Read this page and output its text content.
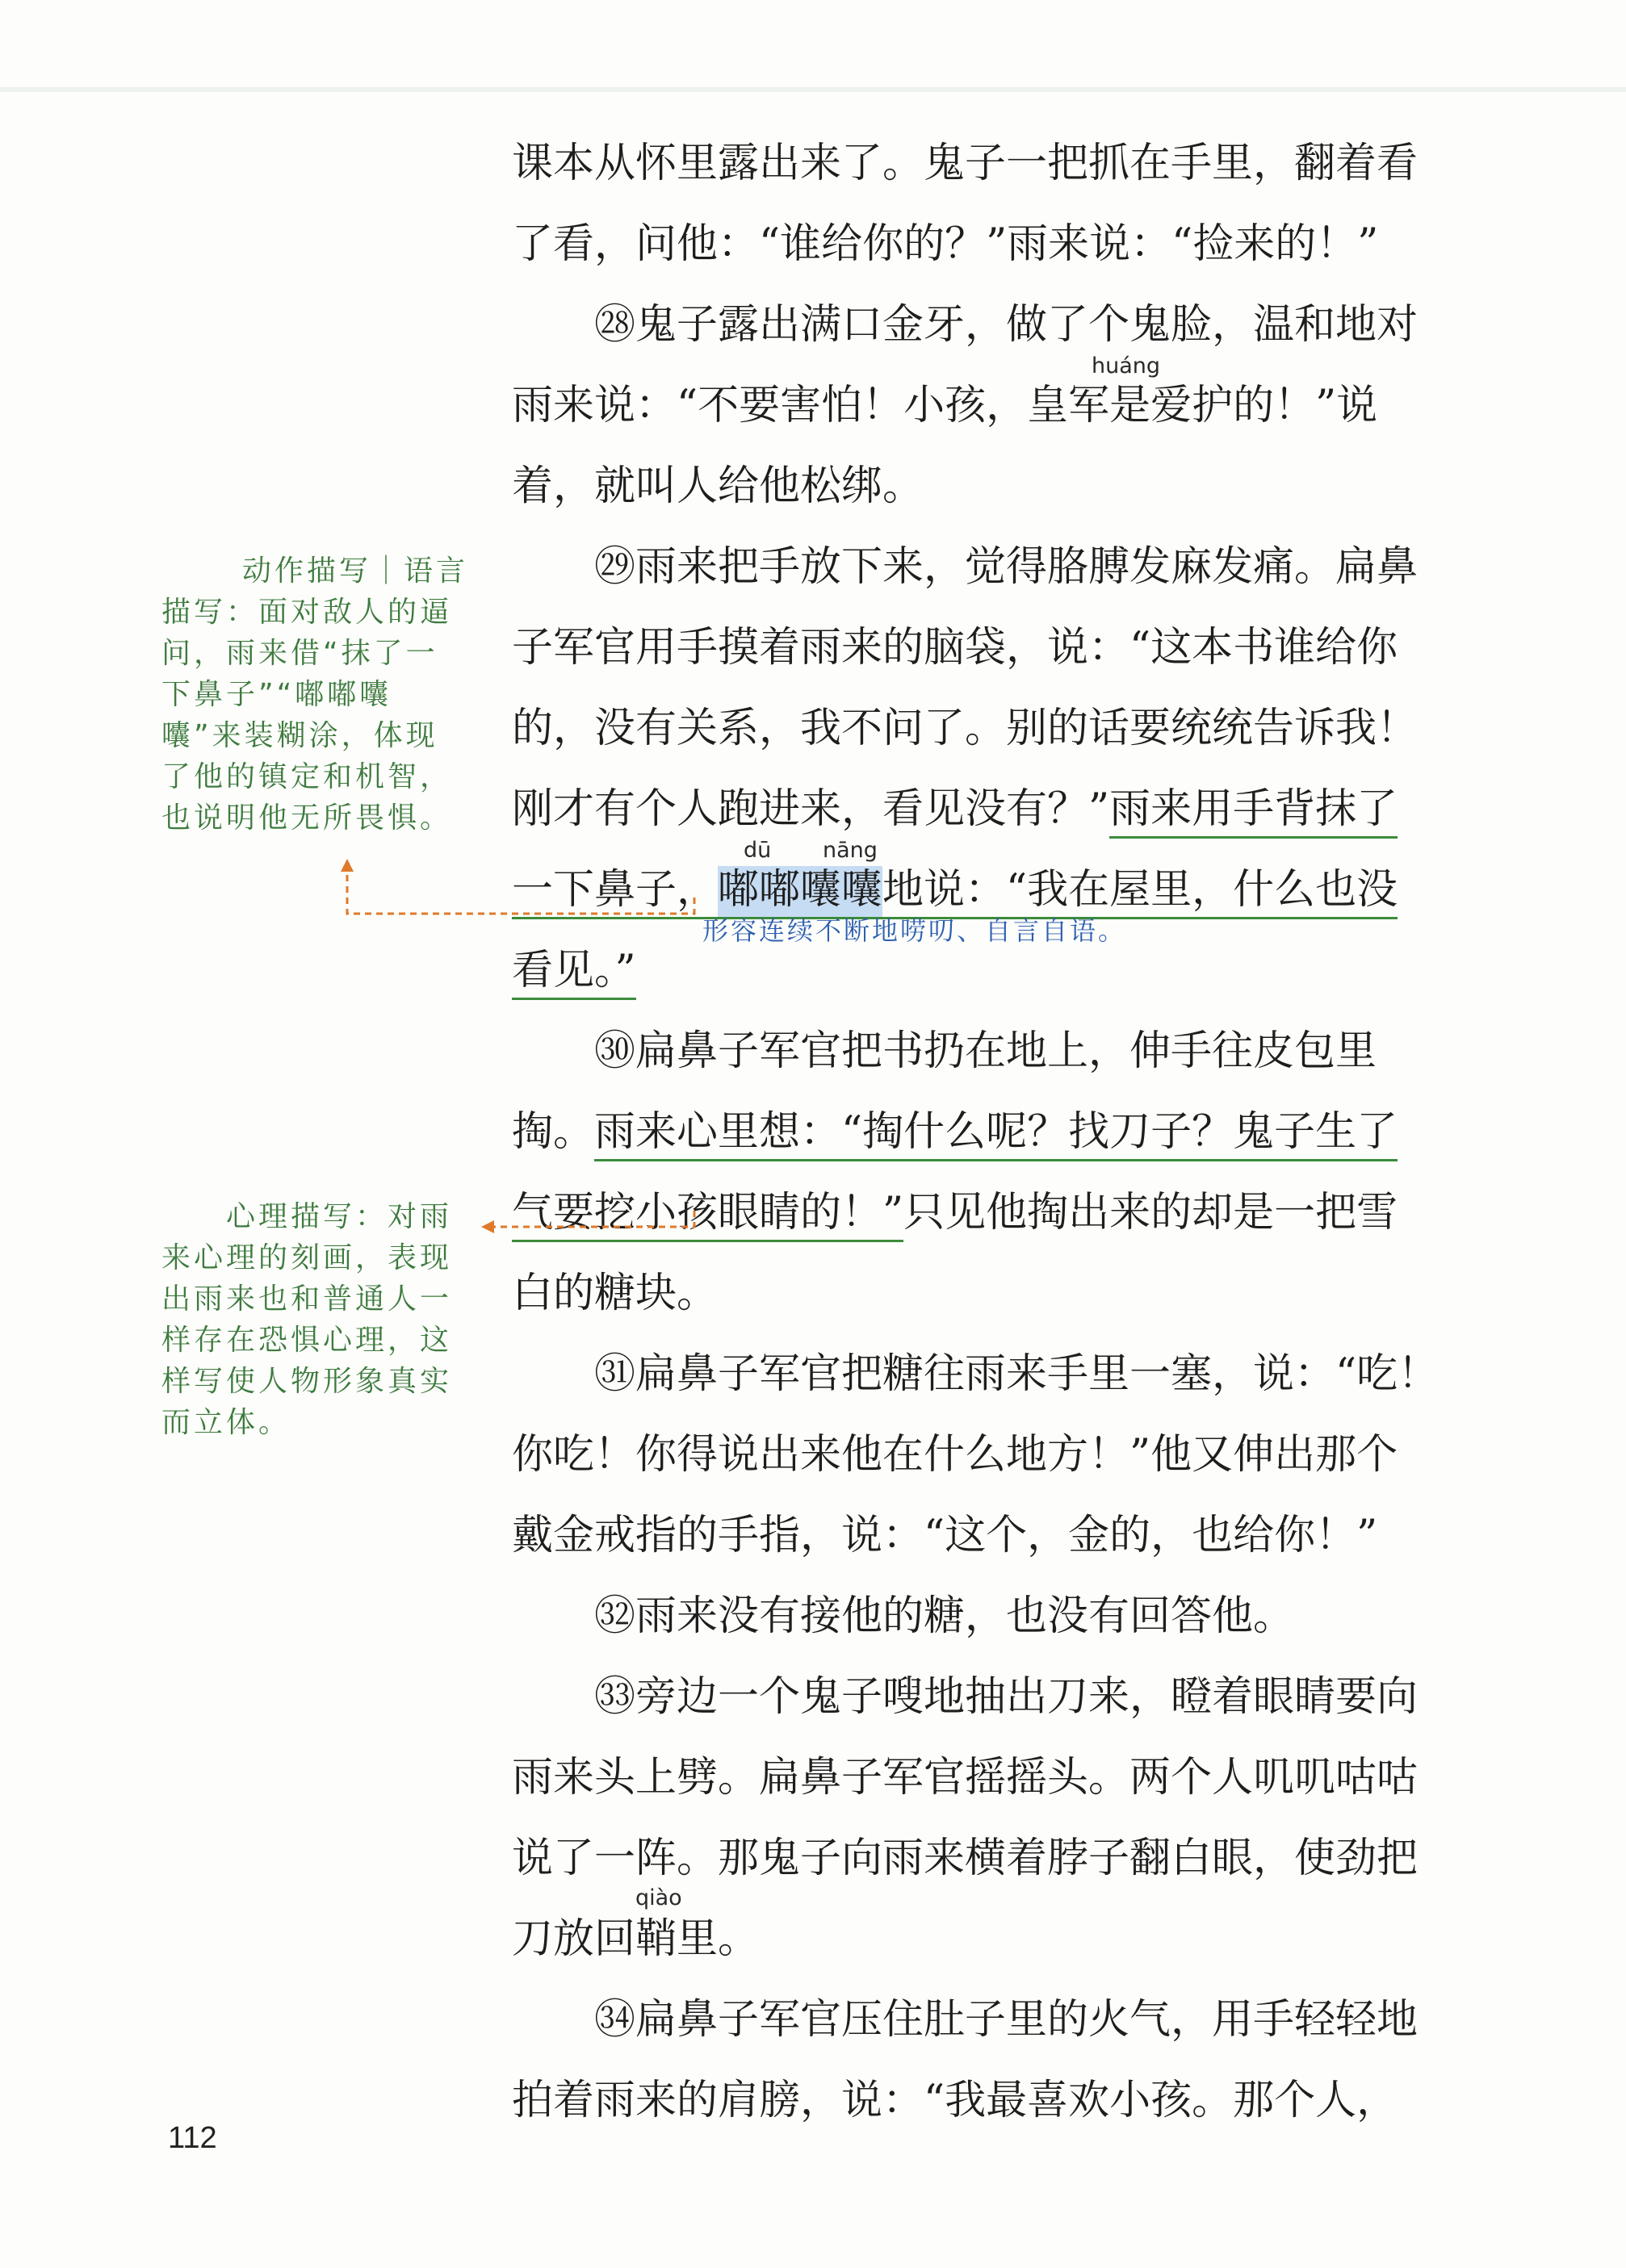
课本从怀里露出来了。鬼子一把抓在手里，翻着看
了看，问他：“谁给你的？”雨来说：“捡来的！”
㉘鬼子露出满口金牙，做了个鬼脸，温和地对
huáng
雨来说：“不要害怕！小孩，皇军是爱护的！”说
着，就叫人给他松绑。
㉙雨来把手放下来，觉得胳膊发麻发痛。扁鼻
子军官用手摸着雨来的脑袋，说：“这本书谁给你
的，没有关系，我不问了。别的话要统统告诉我！
刚才有个人跑进来，看见没有？”雨来用手背抹了
dū nāng
一下鼻子，嘟嘟囔囔地说：“我在屋里，什么也没
看见。”
㉚扁鼻子军官把书扔在地上，伸手往皮包里
掏。雨来心里想：“掏什么呢？找刀子？鬼子生了
气要挖小孩眼睛的！”只见他掏出来的却是一把雪
白的糖块。
㉛扁鼻子军官把糖往雨来手里一塞，说：“吃！
你吃！你得说出来他在什么地方！”他又伸出那个
戴金戒指的手指，说：“这个，金的，也给你！”
㉜雨来没有接他的糖，也没有回答他。
㉝旁边一个鬼子嗖地抽出刀来，瞪着眼睛要向
雨来头上劈。扁鼻子军官摇摇头。两个人叽叽咕咕
说了一阵。那鬼子向雨来横着脖子翻白眼，使劲把
qiào
刀放回鞘里。
㉞扁鼻子军官压住肚子里的火气，用手轻轻地
拍着雨来的肩膀，说：“我最喜欢小孩。那个人，
形容连续不断地唠叨、自言自语。
动作描写｜语言
描写：面对敌人的逼
问，雨来借“抹了一
下鼻子”“嘟嘟囔
囔”来装糊涂，体现
了他的镇定和机智，
也说明他无所畏惧。
心理描写：对雨
来心理的刻画，表现
出雨来也和普通人一
样存在恐惧心理，这
样写使人物形象真实
而立体。
112
